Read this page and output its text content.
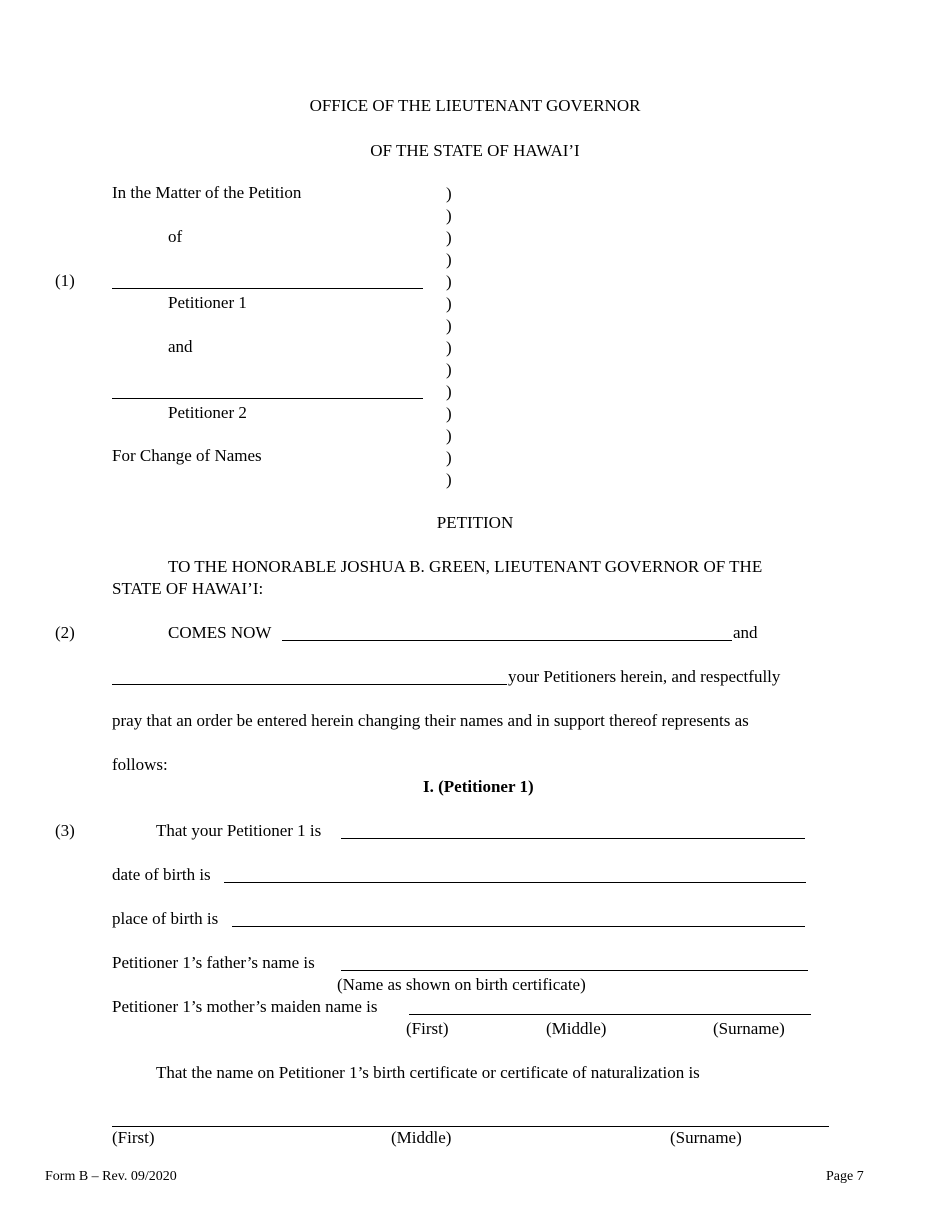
OFFICE OF THE LIEUTENANT GOVERNOR
OF THE STATE OF HAWAI’I
In the Matter of the Petition
of
(1)
Petitioner 1
and
Petitioner 2
For Change of Names
)
)
)
)
)
)
)
)
)
)
)
)
)
)
PETITION
TO THE HONORABLE JOSHUA B. GREEN, LIEUTENANT GOVERNOR OF THE
STATE OF HAWAI’I:
(2)	COMES NOW	and
your Petitioners herein, and respectfully
pray that an order be entered herein changing their names and in support thereof represents as
follows:
I. (Petitioner 1)
(3)	That your Petitioner 1 is
date of birth is
place of birth is
Petitioner 1’s father’s name is
(Name as shown on birth certificate)
Petitioner 1’s mother’s maiden name is
(First)	(Middle)	(Surname)
That the name on Petitioner 1’s birth certificate or certificate of naturalization is
(First)	(Middle)	(Surname)
Form B – Rev. 09/2020	Page 7
